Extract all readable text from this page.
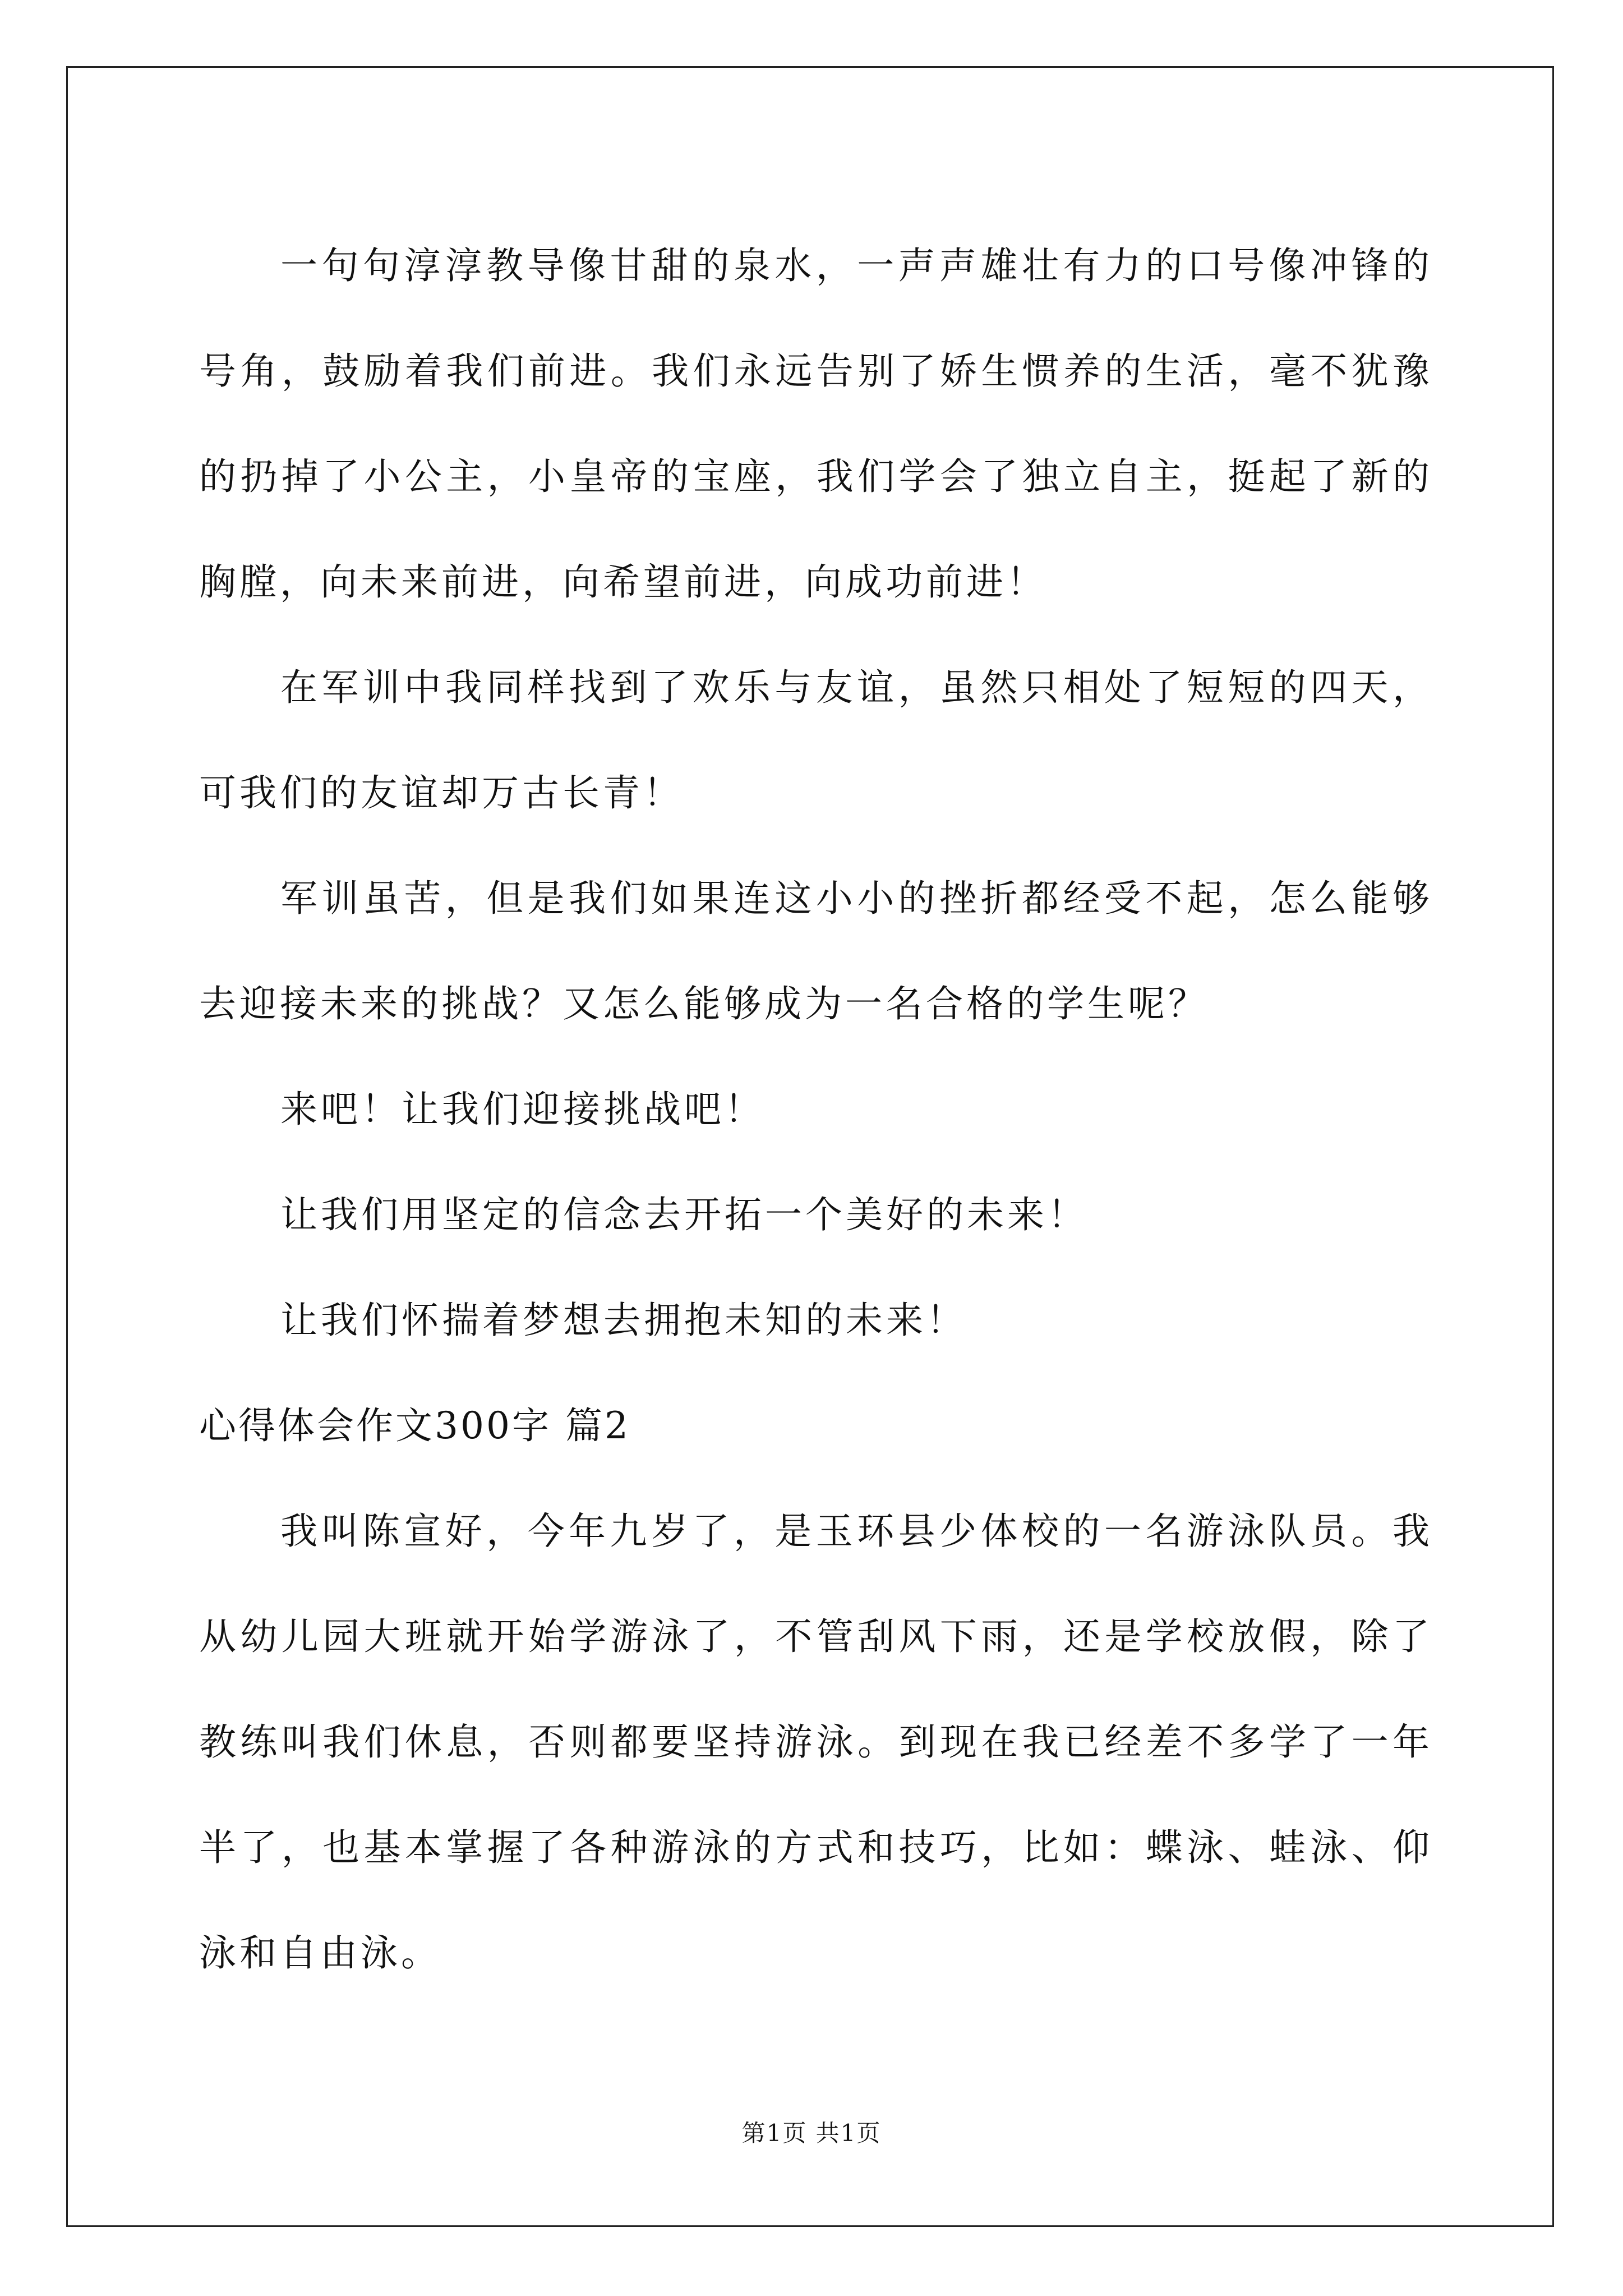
一句句淳淳教导像甘甜的泉水，一声声雄壮有力的口号像冲锋的号角，鼓励着我们前进。我们永远告别了娇生惯养的生活，毫不犹豫的扔掉了小公主，小皇帝的宝座，我们学会了独立自主，挺起了新的胸膛，向未来前进，向希望前进，向成功前进！

在军训中我同样找到了欢乐与友谊，虽然只相处了短短的四天，可我们的友谊却万古长青！

军训虽苦，但是我们如果连这小小的挫折都经受不起，怎么能够去迎接未来的挑战？又怎么能够成为一名合格的学生呢？

来吧！让我们迎接挑战吧！

让我们用坚定的信念去开拓一个美好的未来！

让我们怀揣着梦想去拥抱未知的未来！

心得体会作文300字 篇2

我叫陈宣好，今年九岁了，是玉环县少体校的一名游泳队员。我从幼儿园大班就开始学游泳了，不管刮风下雨，还是学校放假，除了教练叫我们休息，否则都要坚持游泳。到现在我已经差不多学了一年半了，也基本掌握了各种游泳的方式和技巧，比如：蝶泳、蛙泳、仰泳和自由泳。

第1页 共1页
